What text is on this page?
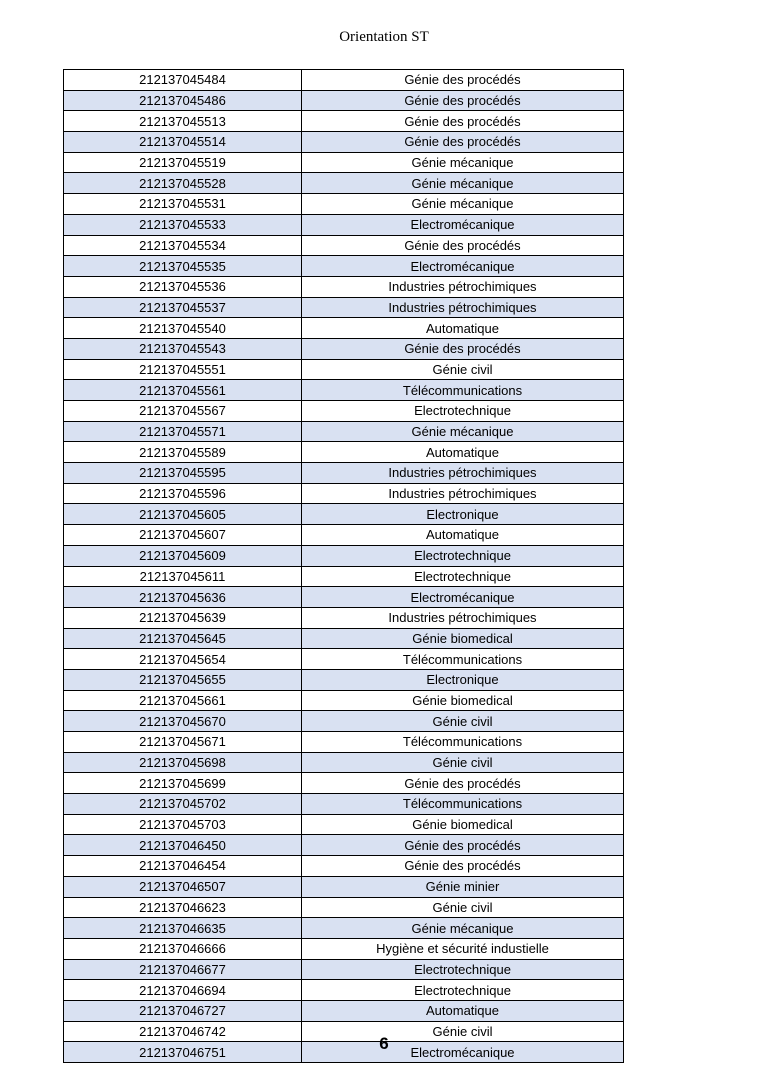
Orientation ST
212137045484	Génie des procédés
212137045486	Génie des procédés
212137045513	Génie des procédés
212137045514	Génie des procédés
212137045519	Génie mécanique
212137045528	Génie mécanique
212137045531	Génie mécanique
212137045533	Electromécanique
212137045534	Génie des procédés
212137045535	Electromécanique
212137045536	Industries pétrochimiques
212137045537	Industries pétrochimiques
212137045540	Automatique
212137045543	Génie des procédés
212137045551	Génie civil
212137045561	Télécommunications
212137045567	Electrotechnique
212137045571	Génie mécanique
212137045589	Automatique
212137045595	Industries pétrochimiques
212137045596	Industries pétrochimiques
212137045605	Electronique
212137045607	Automatique
212137045609	Electrotechnique
212137045611	Electrotechnique
212137045636	Electromécanique
212137045639	Industries pétrochimiques
212137045645	Génie biomedical
212137045654	Télécommunications
212137045655	Electronique
212137045661	Génie biomedical
212137045670	Génie civil
212137045671	Télécommunications
212137045698	Génie civil
212137045699	Génie des procédés
212137045702	Télécommunications
212137045703	Génie biomedical
212137046450	Génie des procédés
212137046454	Génie des procédés
212137046507	Génie minier
212137046623	Génie civil
212137046635	Génie mécanique
212137046666	Hygiène et sécurité industielle
212137046677	Electrotechnique
212137046694	Electrotechnique
212137046727	Automatique
212137046742	Génie civil
212137046751	Electromécanique
6
